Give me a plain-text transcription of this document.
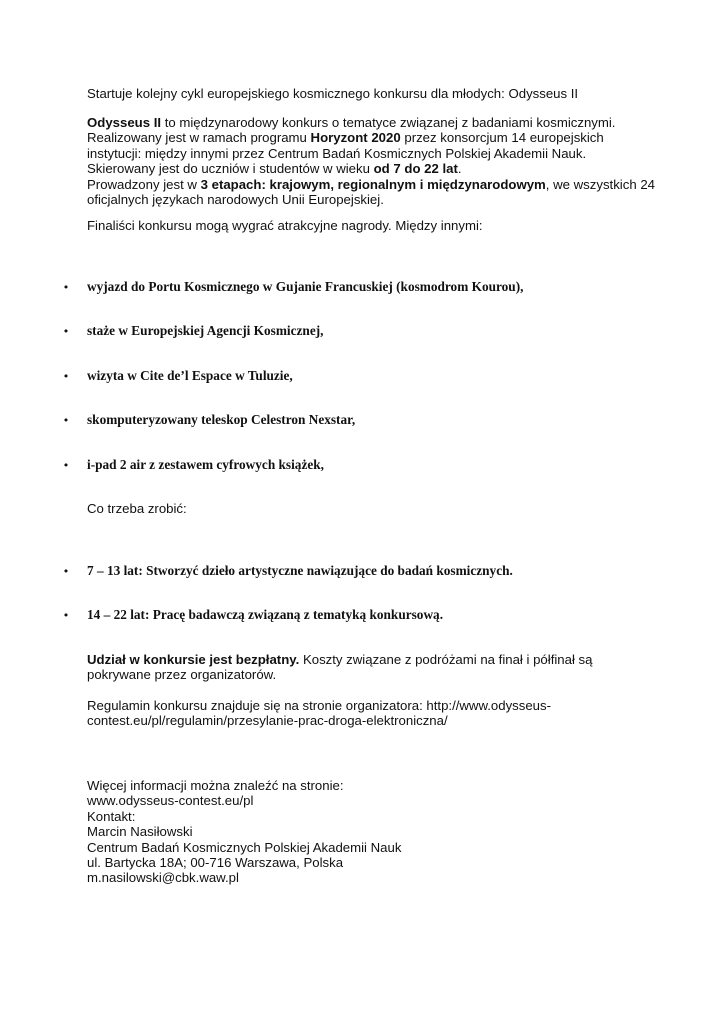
Startuje kolejny cykl europejskiego kosmicznego konkursu dla młodych: Odysseus II
Odysseus II to międzynarodowy konkurs o tematyce związanej z badaniami kosmicznymi.
Realizowany jest w ramach programu Horyzont 2020 przez konsorcjum 14 europejskich
instytucji: między innymi przez Centrum Badań Kosmicznych Polskiej Akademii Nauk.
Skierowany jest do uczniów i studentów w wieku od 7 do 22 lat.
Prowadzony jest w 3 etapach: krajowym, regionalnym i międzynarodowym, we wszystkich 24
oficjalnych językach narodowych Unii Europejskiej.
Finaliści konkursu mogą wygrać atrakcyjne nagrody. Między innymi:
• wyjazd do Portu Kosmicznego w Gujanie Francuskiej (kosmodrom Kourou),
• staże w Europejskiej Agencji Kosmicznej,
• wizyta w Cite de’l Espace w Tuluzie,
• skomputeryzowany teleskop Celestron Nexstar,
• i-pad 2 air z zestawem cyfrowych książek,
Co trzeba zrobić:
• 7 – 13 lat: Stworzyć dzieło artystyczne nawiązujące do badań kosmicznych.
• 14 – 22 lat: Pracę badawczą związaną z tematyką konkursową.
Udział w konkursie jest bezpłatny. Koszty związane z podróżami na finał i półfinał są
pokrywane przez organizatorów.
Regulamin konkursu znajduje się na stronie organizatora: http://www.odysseus-
contest.eu/pl/regulamin/przesylanie-prac-droga-elektroniczna/
Więcej informacji można znaleźć na stronie:
www.odysseus-contest.eu/pl
Kontakt:
Marcin Nasiłowski
Centrum Badań Kosmicznych Polskiej Akademii Nauk
ul. Bartycka 18A; 00-716 Warszawa, Polska
m.nasilowski@cbk.waw.pl
